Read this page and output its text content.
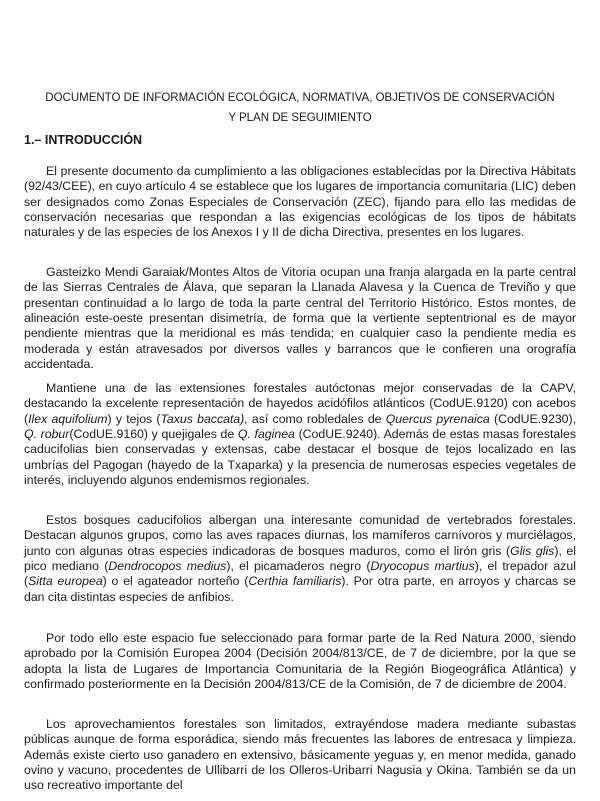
DOCUMENTO DE INFORMACIÓN ECOLÓGICA, NORMATIVA, OBJETIVOS DE CONSERVACIÓN
Y PLAN DE SEGUIMIENTO
1.– INTRODUCCIÓN

El presente documento da cumplimiento a las obligaciones establecidas por la Directiva Hábitats (92/43/CEE), en cuyo artículo 4 se establece que los lugares de importancia comunitaria (LIC) deben ser designados como Zonas Especiales de Conservación (ZEC), fijando para ello las medidas de conservación necesarias que respondan a las exigencias ecológicas de los tipos de hábitats naturales y de las especies de los Anexos I y II de dicha Directiva, presentes en los lugares.

Gasteizko Mendi Garaiak/Montes Altos de Vitoria ocupan una franja alargada en la parte central de las Sierras Centrales de Álava, que separan la Llanada Alavesa y la Cuenca de Treviño y que presentan continuidad a lo largo de toda la parte central del Territorio Histórico. Estos montes, de alineación este-oeste presentan disimetría, de forma que la vertiente septentrional es de mayor pendiente mientras que la meridional es más tendida; en cualquier caso la pendiente media es moderada y están atravesados por diversos valles y barrancos que le confieren una orografía accidentada.

Mantiene una de las extensiones forestales autóctonas mejor conservadas de la CAPV, destacando la excelente representación de hayedos acidófilos atlánticos (CodUE.9120) con acebos (Ilex aquifolium) y tejos (Taxus baccata), así como robledales de Quercus pyrenaica (CodUE.9230), Q. robur(CodUE.9160) y quejigales de Q. faginea (CodUE.9240). Además de estas masas forestales caducifolias bien conservadas y extensas, cabe destacar el bosque de tejos localizado en las umbrías del Pagogan (hayedo de la Txaparka) y la presencia de numerosas especies vegetales de interés, incluyendo algunos endemismos regionales.

Estos bosques caducifolios albergan una interesante comunidad de vertebrados forestales. Destacan algunos grupos, como las aves rapaces diurnas, los mamíferos carnívoros y murciélagos, junto con algunas otras especies indicadoras de bosques maduros, como el lirón gris (Glis glis), el pico mediano (Dendrocopos medius), el picamaderos negro (Dryocopus martius), el trepador azul (Sitta europea) o el agateador norteño (Certhia familiaris). Por otra parte, en arroyos y charcas se dan cita distintas especies de anfibios.

Por todo ello este espacio fue seleccionado para formar parte de la Red Natura 2000, siendo aprobado por la Comisión Europea 2004 (Decisión 2004/813/CE, de 7 de diciembre, por la que se adopta la lista de Lugares de Importancia Comunitaria de la Región Biogeográfica Atlántica) y confirmado posteriormente en la Decisión 2004/813/CE de la Comisión, de 7 de diciembre de 2004.

Los aprovechamientos forestales son limitados, extrayéndose madera mediante subastas públicas aunque de forma esporádica, siendo más frecuentes las labores de entresaca y limpieza. Además existe cierto uso ganadero en extensivo, básicamente yeguas y, en menor medida, ganado ovino y vacuno, procedentes de Ullibarri de los Olleros-Uribarri Nagusia y Okina. También se da un uso recreativo importante del
